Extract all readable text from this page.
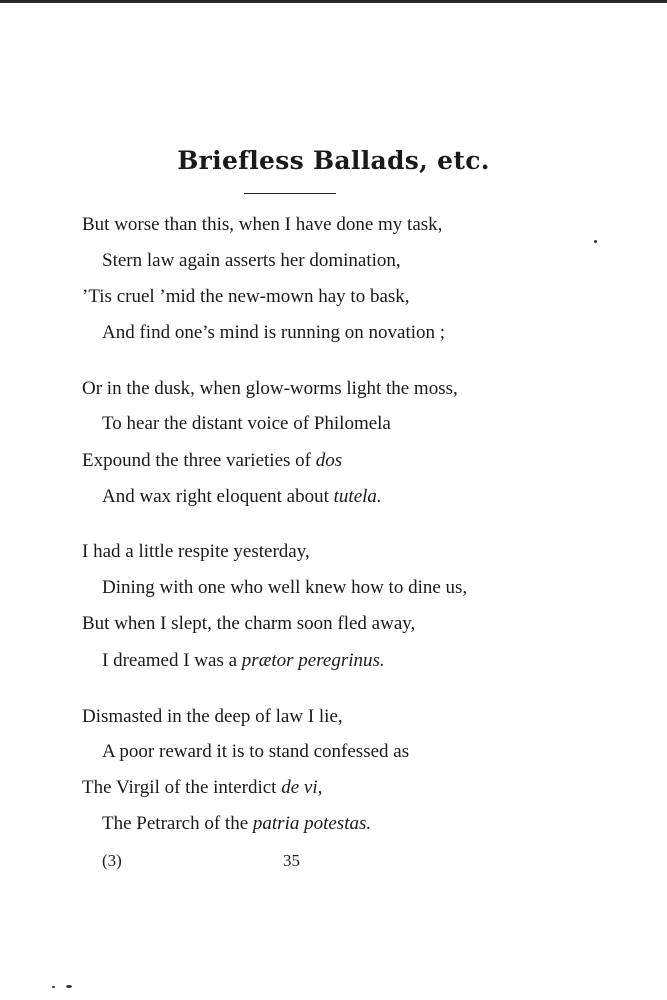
Briefless Ballads, etc.
But worse than this, when I have done my task,
Stern law again asserts her domination,
’Tis cruel ’mid the new-mown hay to bask,
And find one’s mind is running on novation ;
Or in the dusk, when glow-worms light the moss,
To hear the distant voice of Philomela
Expound the three varieties of dos
And wax right eloquent about tutela.
I had a little respite yesterday,
Dining with one who well knew how to dine us,
But when I slept, the charm soon fled away,
I dreamed I was a prætor peregrinus.
Dismasted in the deep of law I lie,
A poor reward it is to stand confessed as
The Virgil of the interdict de vi,
The Petrarch of the patria potestas.
(3)	35
